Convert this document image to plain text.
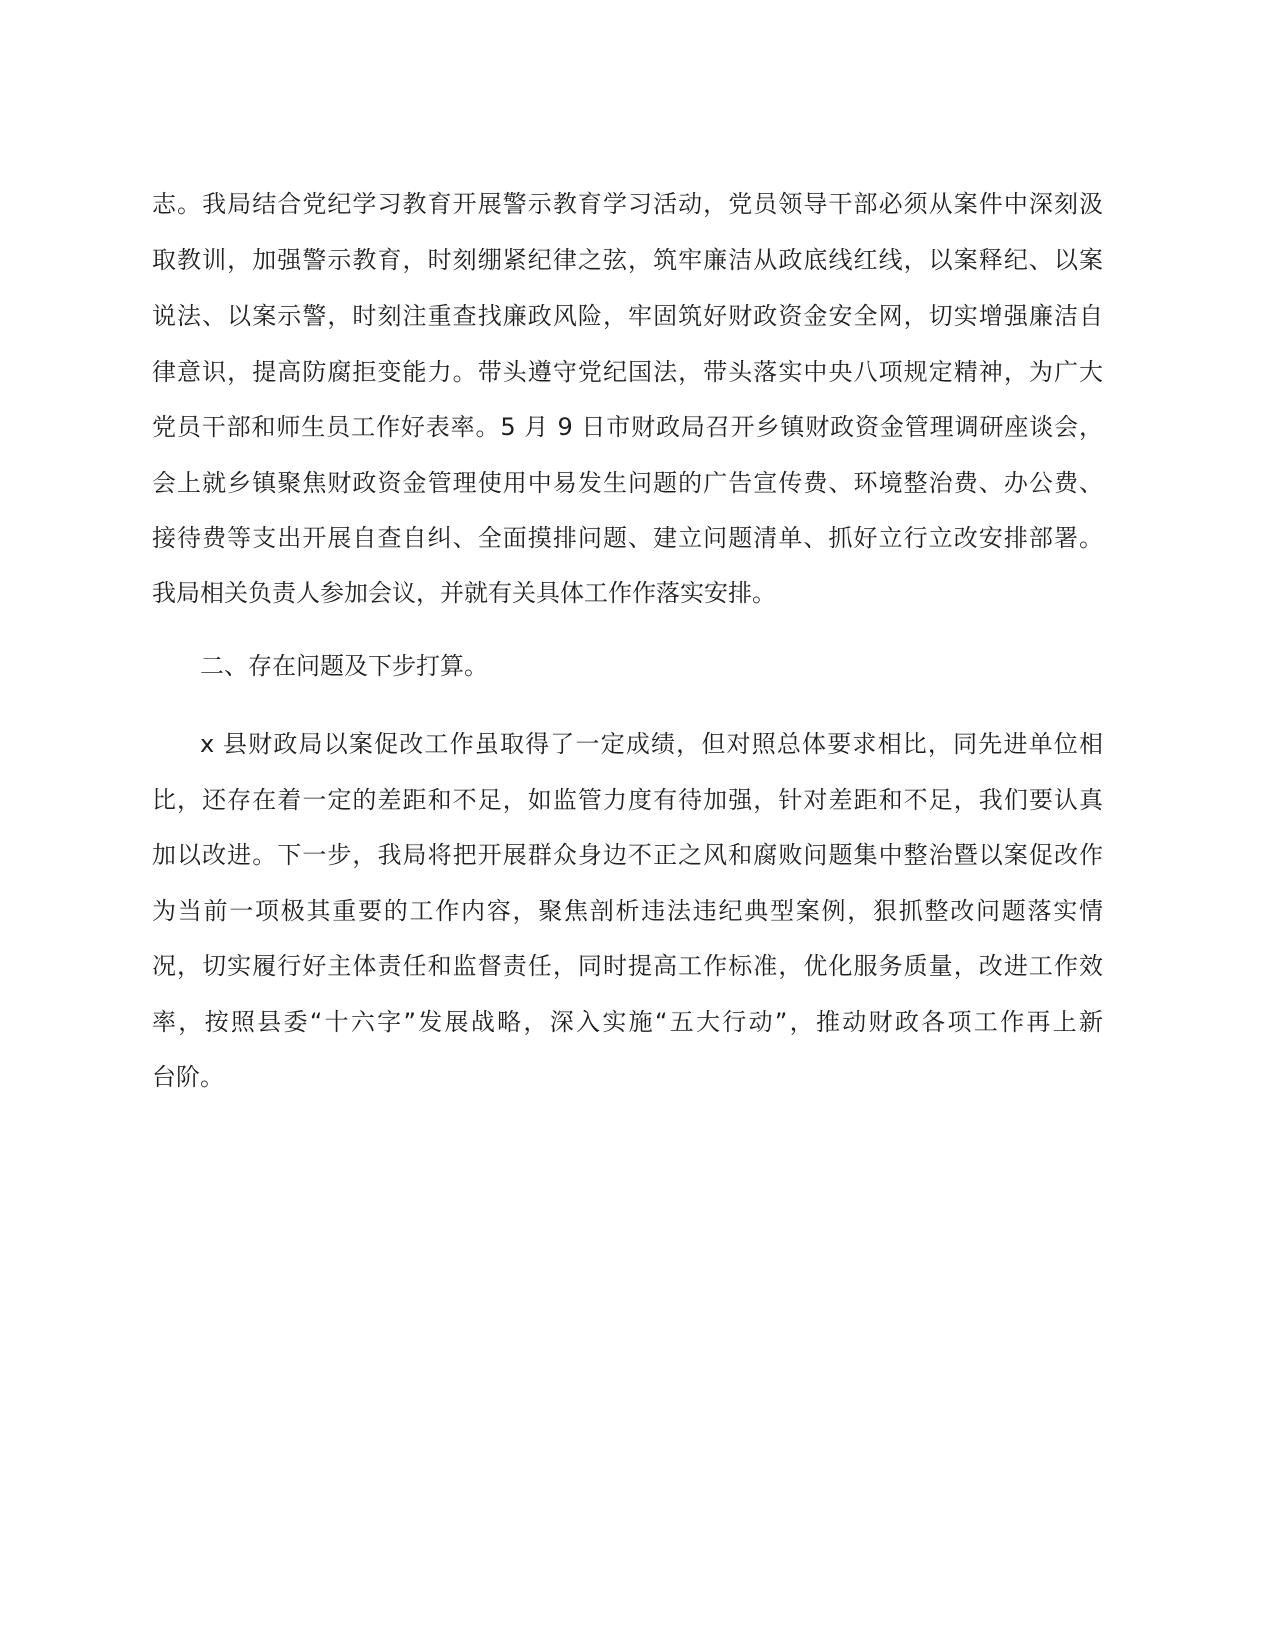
志。我局结合党纪学习教育开展警示教育学习活动，党员领导干部必须从案件中深刻汲
取教训，加强警示教育，时刻绷紧纪律之弦，筑牢廉洁从政底线红线，以案释纪、以案
说法、以案示警，时刻注重查找廉政风险，牢固筑好财政资金安全网，切实增强廉洁自
律意识，提高防腐拒变能力。带头遵守党纪国法，带头落实中央八项规定精神，为广大
党员干部和师生员工作好表率。5 月 9 日市财政局召开乡镇财政资金管理调研座谈会，
会上就乡镇聚焦财政资金管理使用中易发生问题的广告宣传费、环境整治费、办公费、
接待费等支出开展自查自纠、全面摸排问题、建立问题清单、抓好立行立改安排部署。
我局相关负责人参加会议，并就有关具体工作作落实安排。
二、存在问题及下步打算。
x 县财政局以案促改工作虽取得了一定成绩，但对照总体要求相比，同先进单位相
比，还存在着一定的差距和不足，如监管力度有待加强，针对差距和不足，我们要认真
加以改进。下一步，我局将把开展群众身边不正之风和腐败问题集中整治暨以案促改作
为当前一项极其重要的工作内容，聚焦剖析违法违纪典型案例，狠抓整改问题落实情
况，切实履行好主体责任和监督责任，同时提高工作标准，优化服务质量，改进工作效
率，按照县委“十六字”发展战略，深入实施“五大行动”，推动财政各项工作再上新
台阶。
